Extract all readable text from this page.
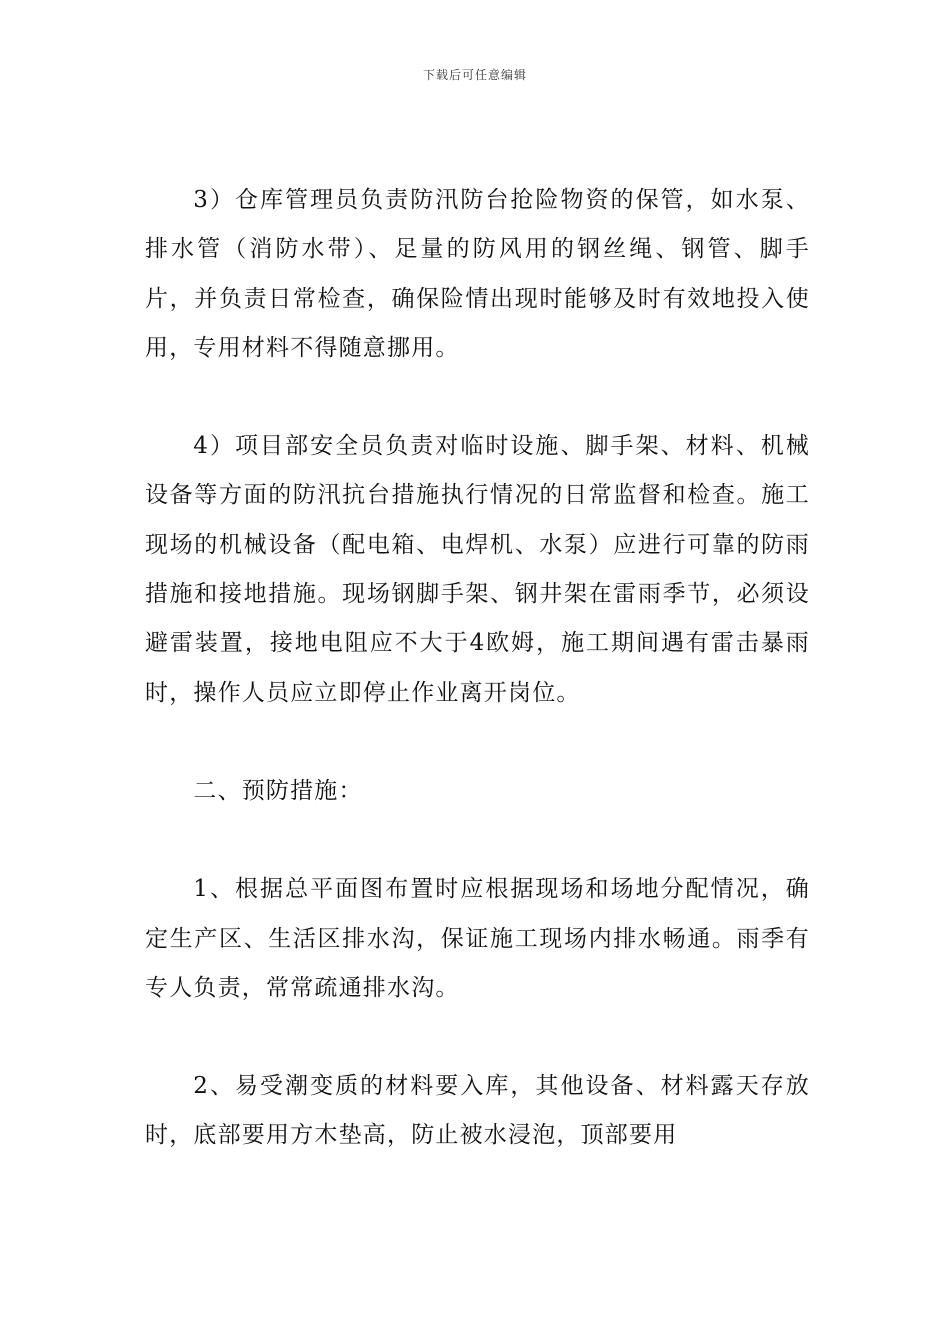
下载后可任意编辑

3）仓库管理员负责防汛防台抢险物资的保管，如水泵、排水管（消防水带）、足量的防风用的钢丝绳、钢管、脚手片，并负责日常检查，确保险情出现时能够及时有效地投入使用，专用材料不得随意挪用。

4）项目部安全员负责对临时设施、脚手架、材料、机械设备等方面的防汛抗台措施执行情况的日常监督和检查。施工现场的机械设备（配电箱、电焊机、水泵）应进行可靠的防雨措施和接地措施。现场钢脚手架、钢井架在雷雨季节，必须设避雷装置，接地电阻应不大于4欧姆，施工期间遇有雷击暴雨时，操作人员应立即停止作业离开岗位。

二、预防措施：

1、根据总平面图布置时应根据现场和场地分配情况，确定生产区、生活区排水沟，保证施工现场内排水畅通。雨季有专人负责，常常疏通排水沟。

2、易受潮变质的材料要入库，其他设备、材料露天存放时，底部要用方木垫高，防止被水浸泡，顶部要用
